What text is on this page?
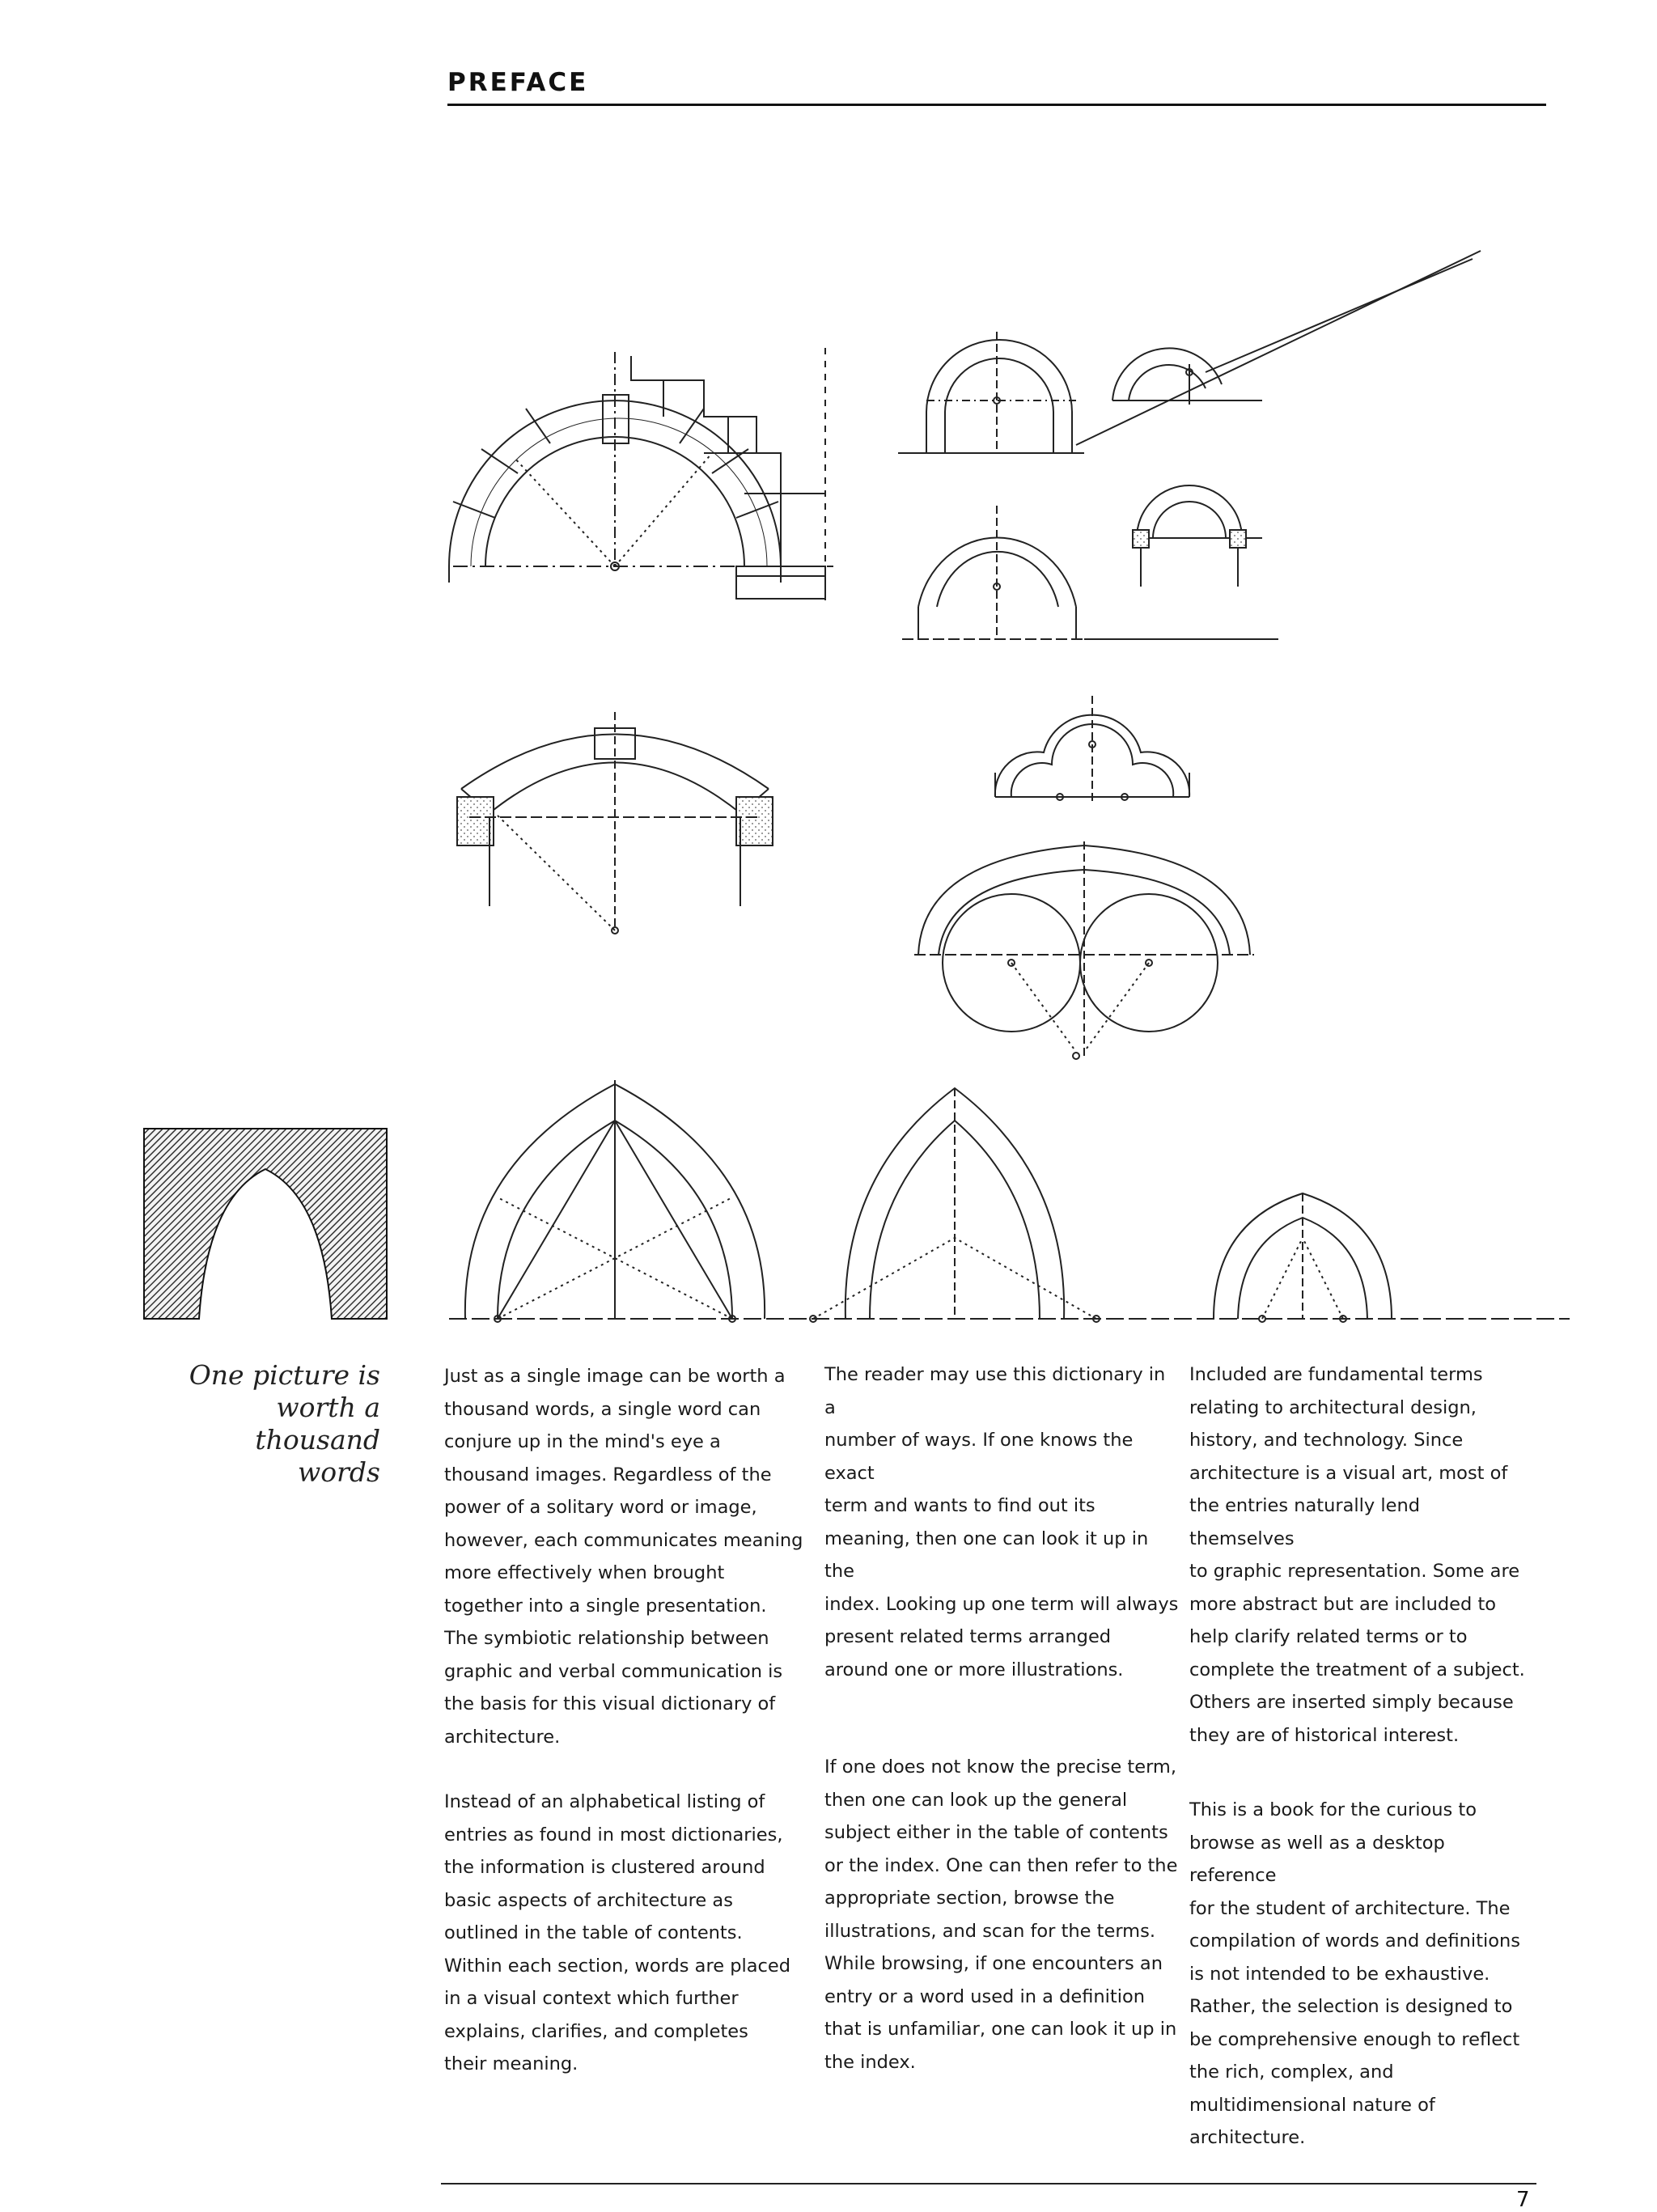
PREFACE
One picture is
worth a thousand
words

Just as a single image can be worth a
thousand words, a single word can
conjure up in the mind's eye a
thousand images. Regardless of the
power of a solitary word or image,
however, each communicates meaning
more effectively when brought
together into a single presentation.
The symbiotic relationship between
graphic and verbal communication is
the basis for this visual dictionary of
architecture.

Instead of an alphabetical listing of
entries as found in most dictionaries,
the information is clustered around
basic aspects of architecture as
outlined in the table of contents.
Within each section, words are placed
in a visual context which further
explains, clarifies, and completes
their meaning.

The reader may use this dictionary in a
number of ways. If one knows the exact
term and wants to find out its
meaning, then one can look it up in the
index. Looking up one term will always
present related terms arranged
around one or more illustrations.

If one does not know the precise term,
then one can look up the general
subject either in the table of contents
or the index. One can then refer to the
appropriate section, browse the
illustrations, and scan for the terms.
While browsing, if one encounters an
entry or a word used in a definition
that is unfamiliar, one can look it up in
the index.

Included are fundamental terms
relating to architectural design,
history, and technology. Since
architecture is a visual art, most of
the entries naturally lend themselves
to graphic representation. Some are
more abstract but are included to
help clarify related terms or to
complete the treatment of a subject.
Others are inserted simply because
they are of historical interest.

This is a book for the curious to
browse as well as a desktop reference
for the student of architecture. The
compilation of words and definitions
is not intended to be exhaustive.
Rather, the selection is designed to
be comprehensive enough to reflect
the rich, complex, and
multidimensional nature of
architecture.

7
